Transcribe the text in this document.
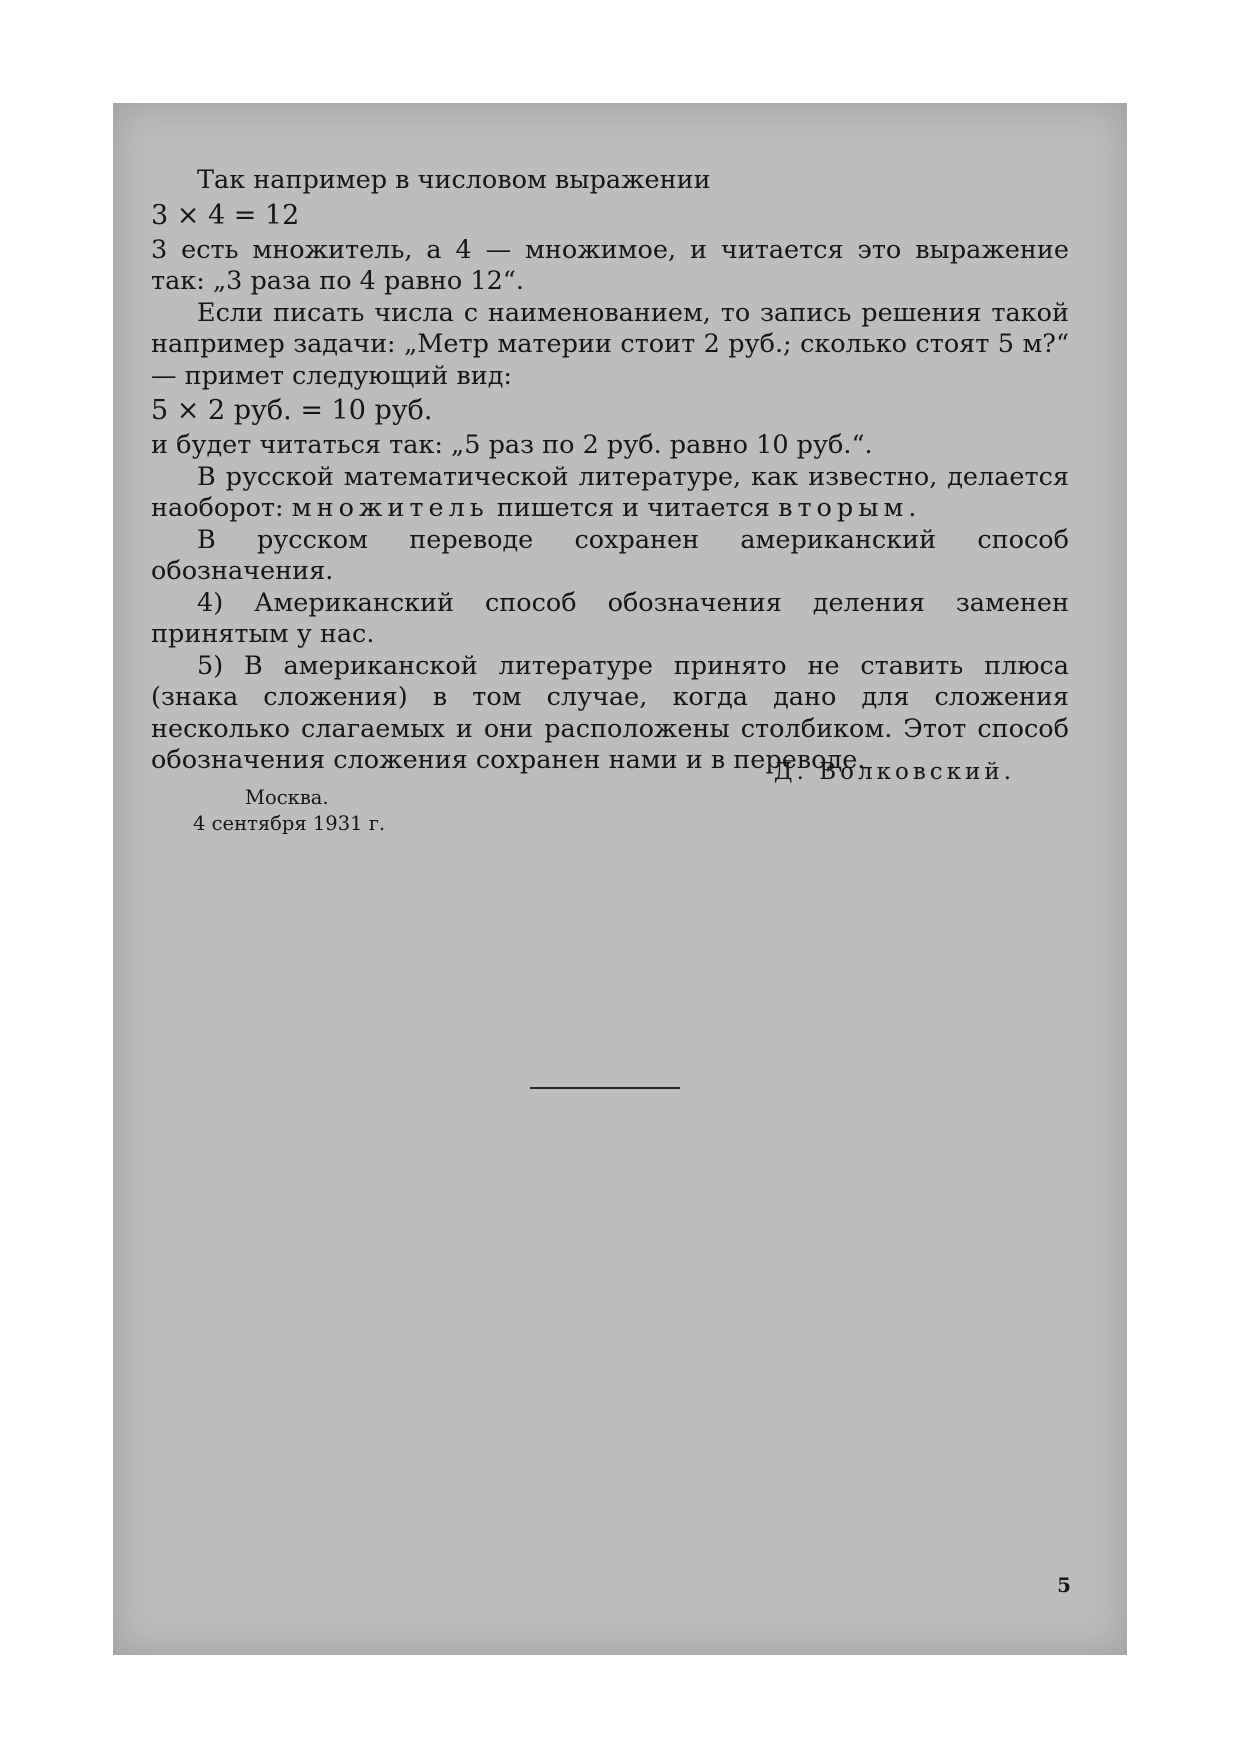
Так например в числовом выражении

3 × 4 = 12

3 есть множитель, а 4 — множимое, и читается это выражение так: „3 раза по 4 равно 12“.

Если писать числа с наименованием, то запись решения такой например задачи: „Метр материи стоит 2 руб.; сколько стоят 5 м?“ — примет следующий вид:

5 × 2 руб. = 10 руб.

и будет читаться так: „5 раз по 2 руб. равно 10 руб.“.

В русской математической литературе, как известно, делается наоборот: множитель пишется и читается вторым.

В русском переводе сохранен американский способ обозначения.

4) Американский способ обозначения деления заменен принятым у нас.

5) В американской литературе принято не ставить плюса (знака сложения) в том случае, когда дано для сложения несколько слагаемых и они расположены столбиком. Этот способ обозначения сложения сохранен нами и в переводе.

Д. Волковский.
Москва.
4 сентября 1931 г.
5
